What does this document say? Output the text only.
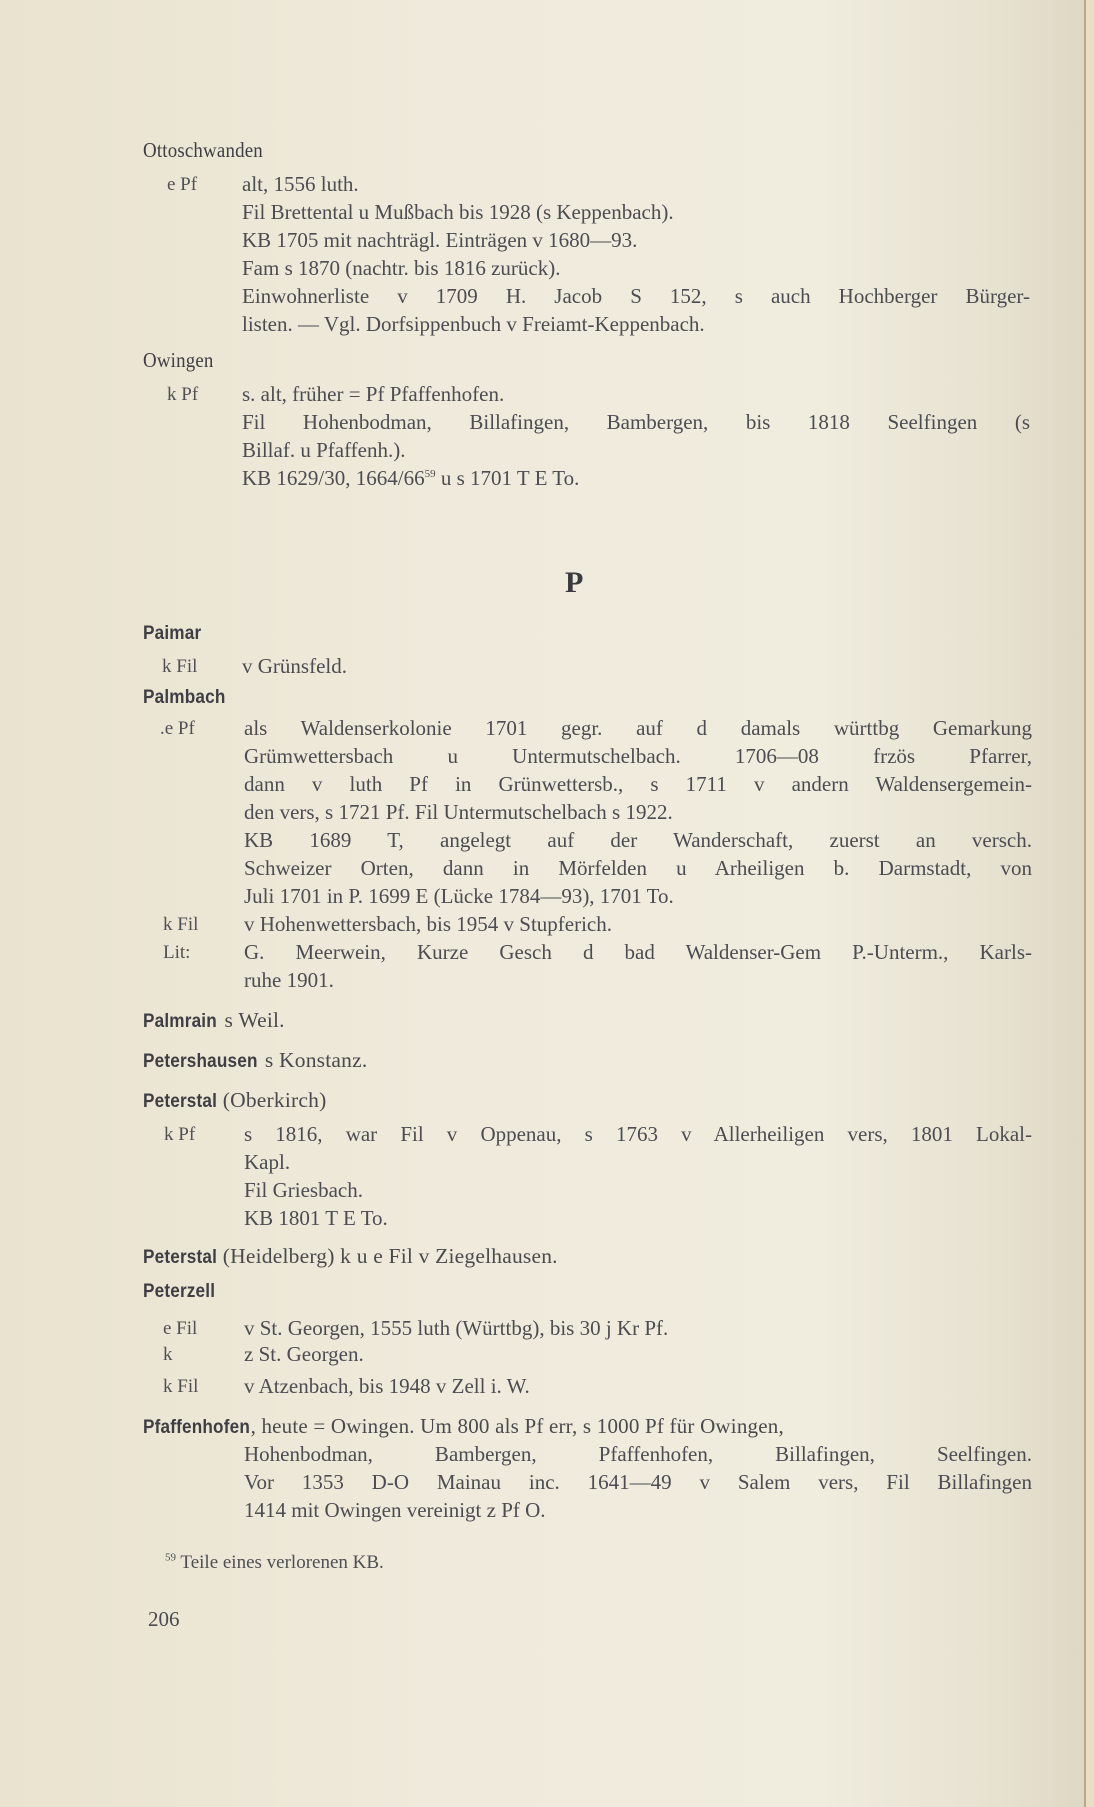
Ottoschwanden
e Pf alt, 1556 luth.
Fil Brettental u Mußbach bis 1928 (s Keppenbach).
KB 1705 mit nachträgl. Einträgen v 1680—93.
Fam s 1870 (nachtr. bis 1816 zurück).
Einwohnerliste v 1709 H. Jacob S 152, s auch Hochberger Bürger-
listen. — Vgl. Dorfsippenbuch v Freiamt-Keppenbach.
Owingen
k Pf s. alt, früher = Pf Pfaffenhofen.
Fil Hohenbodman, Billafingen, Bambergen, bis 1818 Seelfingen (s
Billaf. u Pfaffenh.).
KB 1629/30, $1664/66^{59}$ u s 1701 T E To.
P
Paimar
k Fil v Grünsfeld.
Palmbach
.e Pf als Waldenserkolonie 1701 gegr. auf d damals württbg Gemarkung
Grümwettersbach u Untermutschelbach. 1706—08 frzös Pfarrer,
dann v luth Pf in Grünwettersb., s 1711 v andern Waldensergemein-
den vers, s 1721 Pf. Fil Untermutschelbach s 1922.
KB 1689 T, angelegt auf der Wanderschaft, zuerst an versch.
Schweizer Orten, dann in Mörfelden u Arheiligen b. Darmstadt, von
Juli 1701 in P. 1699 E (Lücke 1784—93), 1701 To.
k Fil v Hohenwettersbach, bis 1954 v Stupferich.
Lit:	G. Meerwein, Kurze Gesch d bad Waldenser-Gem P.-Unterm., Karls-
ruhe 1901.
Palmrain s Weil.
Petershausen s Konstanz.
Peterstal (Oberkirch)
k Pf s 1816, war Fil v Oppenau, s 1763 v Allerheiligen vers, 1801 Lokal-
Kapl.
Fil Griesbach.
KB 1801 T E To.
Peterstal (Heidelberg) k u e Fil v Ziegelhausen.
Peterzell
e Fil v St. Georgen, 1555 luth (Württbg), bis 30 j Kr Pf.
k	z St. Georgen.
k Fil v Atzenbach, bis 1948 v Zell i. W.
Pfaffenhofen, heute = Owingen. Um 800 als Pf err, s 1000 Pf für Owingen,
Hohenbodman, Bambergen, Pfaffenhofen, Billafingen, Seelfingen.
Vor 1353 D-O Mainau inc. 1641—49 v Salem vers, Fil Billafingen
1414 mit Owingen vereinigt z Pf O.
$^{59}$ Teile eines verlorenen KB.
206
